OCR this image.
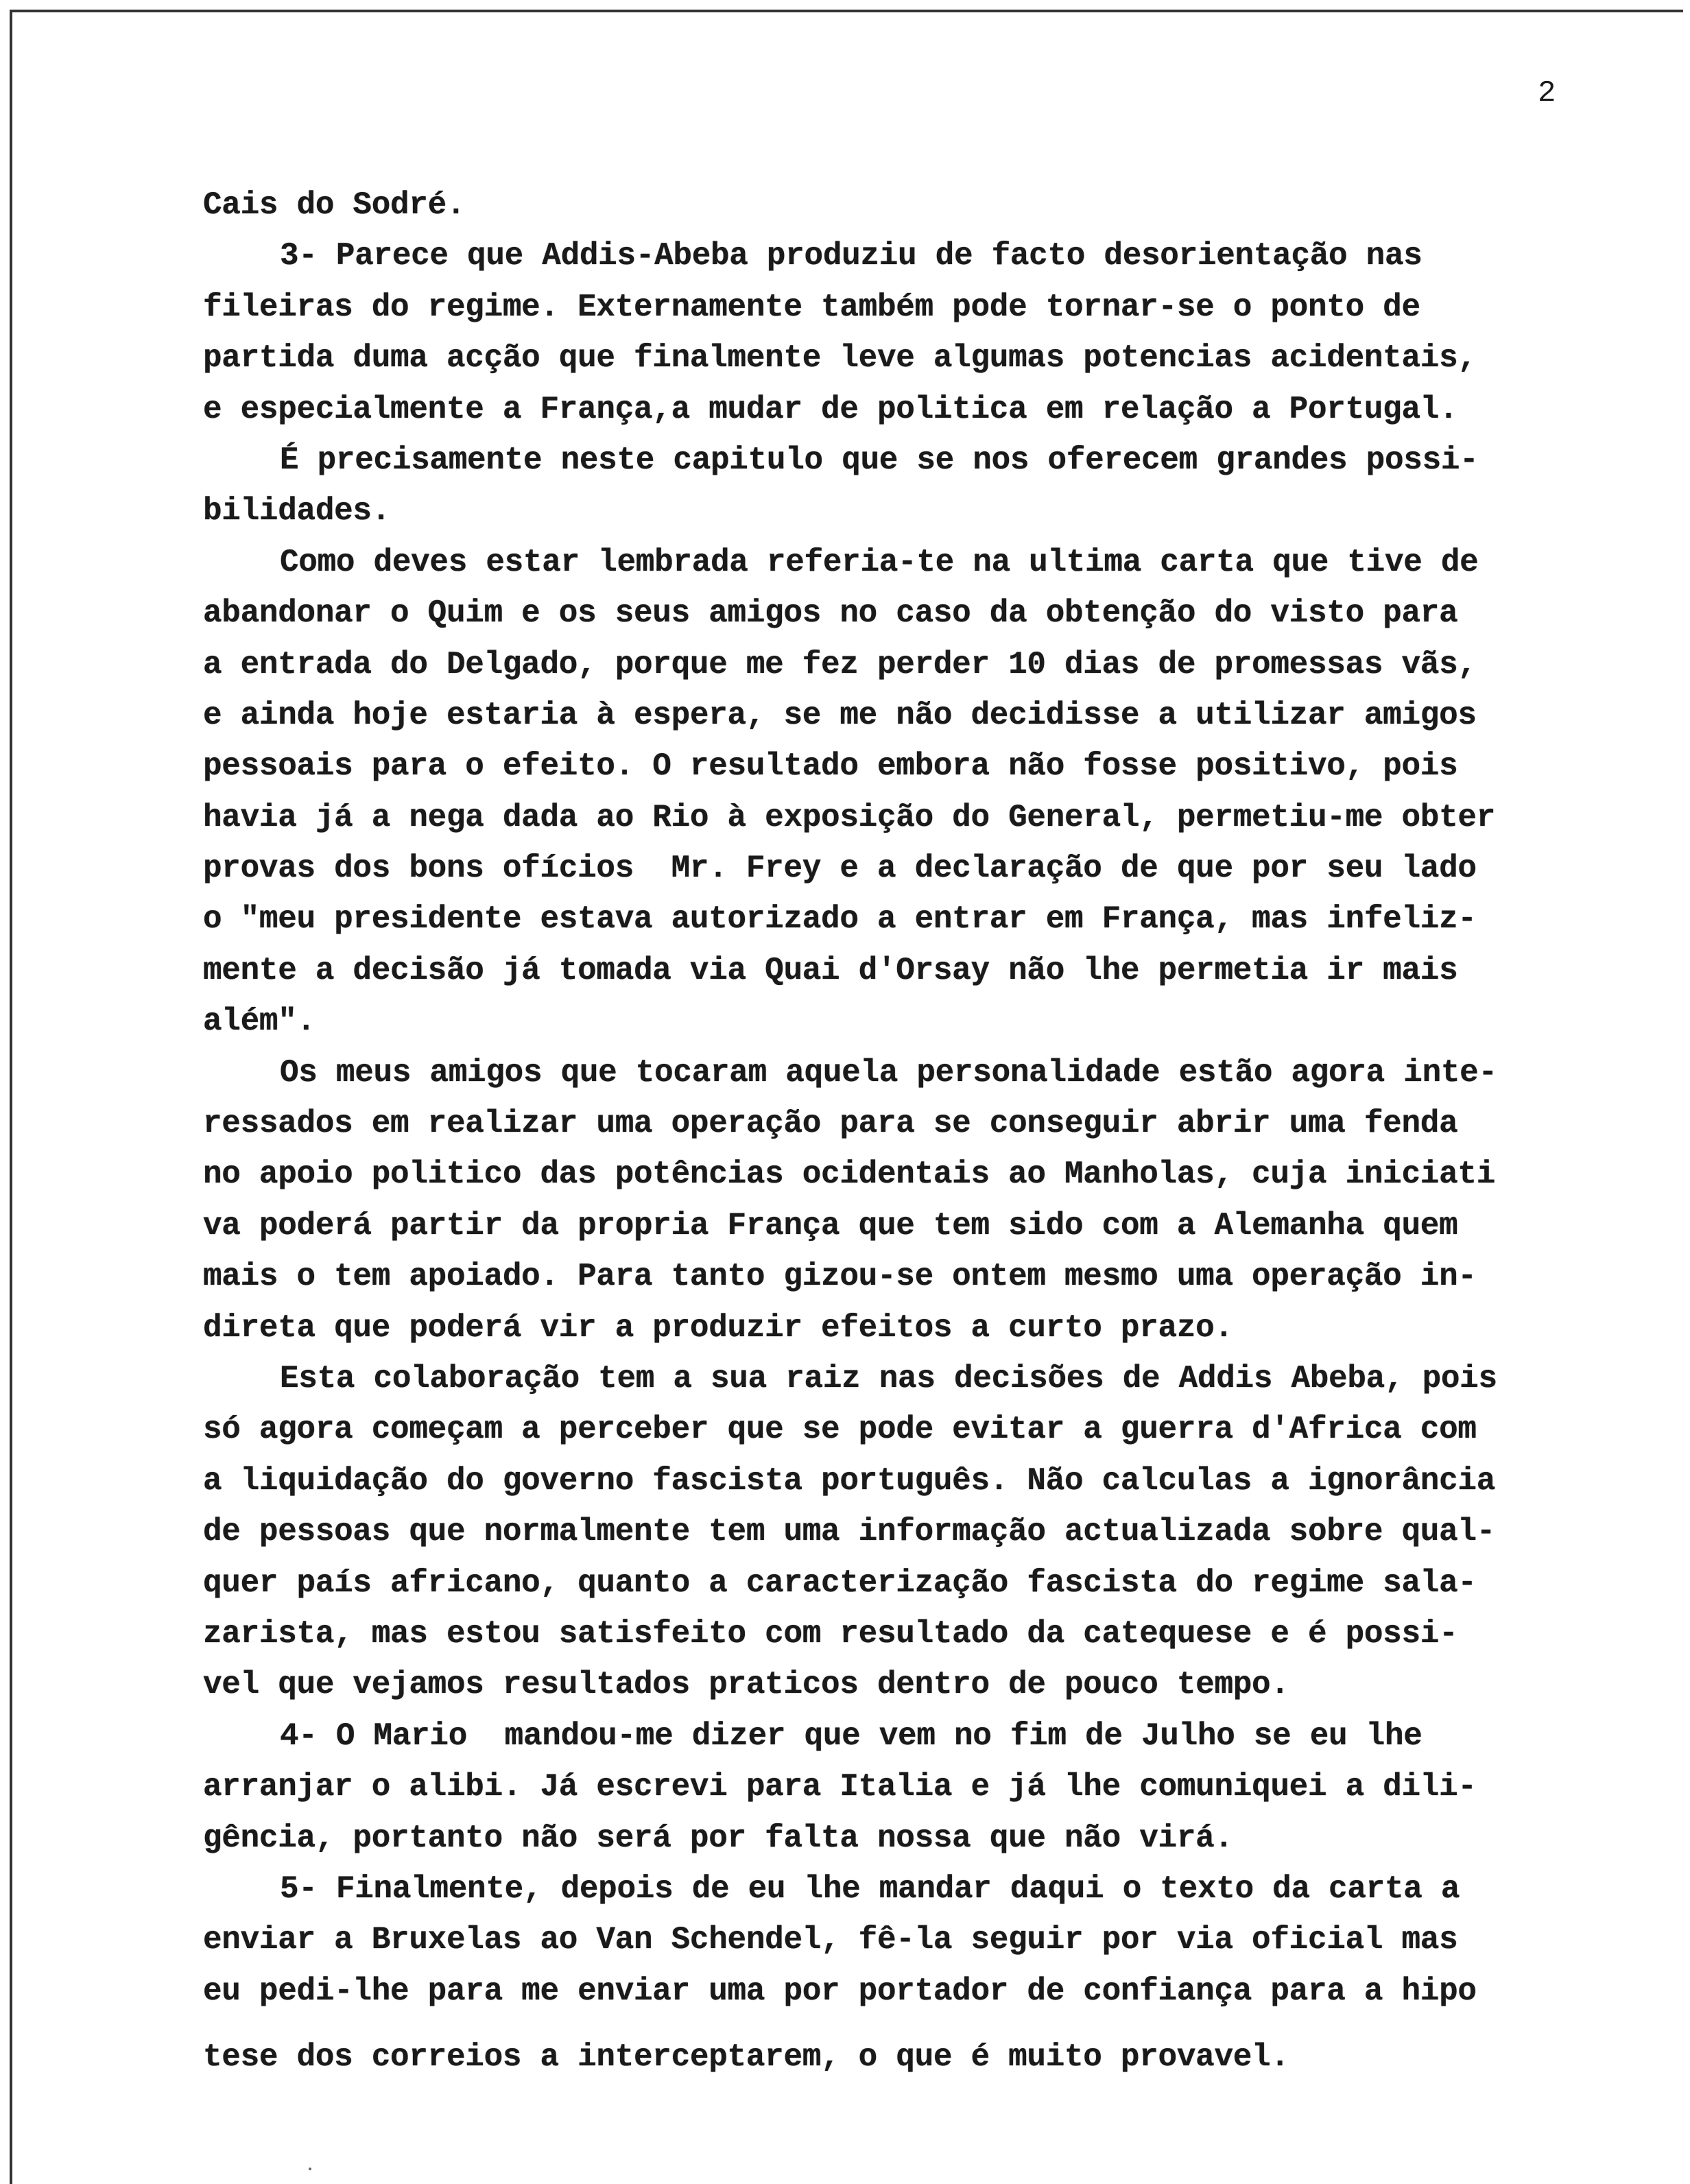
2
Cais do Sodré.
3- Parece que Addis-Abeba produziu de facto desorientação nas
fileiras do regime. Externamente também pode tornar-se o ponto de
partida duma acção que finalmente leve algumas potencias acidentais,
e especialmente a França,a mudar de politica em relação a Portugal.
É precisamente neste capitulo que se nos oferecem grandes possi-
bilidades.
Como deves estar lembrada referia-te na ultima carta que tive de
abandonar o Quim e os seus amigos no caso da obtenção do visto para
a entrada do Delgado, porque me fez perder 10 dias de promessas vãs,
e ainda hoje estaria à espera, se me não decidisse a utilizar amigos
pessoais para o efeito. O resultado embora não fosse positivo, pois
havia já a nega dada ao Rio à exposição do General, permetiu-me obter
provas dos bons ofícios  Mr. Frey e a declaração de que por seu lado
o "meu presidente estava autorizado a entrar em França, mas infeliz-
mente a decisão já tomada via Quai d'Orsay não lhe permetia ir mais
além".
Os meus amigos que tocaram aquela personalidade estão agora inte-
ressados em realizar uma operação para se conseguir abrir uma fenda
no apoio politico das potências ocidentais ao Manholas, cuja iniciati
va poderá partir da propria França que tem sido com a Alemanha quem
mais o tem apoiado. Para tanto gizou-se ontem mesmo uma operação in-
direta que poderá vir a produzir efeitos a curto prazo.
Esta colaboração tem a sua raiz nas decisões de Addis Abeba, pois
só agora começam a perceber que se pode evitar a guerra d'Africa com
a liquidação do governo fascista português. Não calculas a ignorância
de pessoas que normalmente tem uma informação actualizada sobre qual-
quer país africano, quanto a caracterização fascista do regime sala-
zarista, mas estou satisfeito com resultado da catequese e é possi-
vel que vejamos resultados praticos dentro de pouco tempo.
4- O Mario  mandou-me dizer que vem no fim de Julho se eu lhe
arranjar o alibi. Já escrevi para Italia e já lhe comuniquei a dili-
gência, portanto não será por falta nossa que não virá.
5- Finalmente, depois de eu lhe mandar daqui o texto da carta a
enviar a Bruxelas ao Van Schendel, fê-la seguir por via oficial mas
eu pedi-lhe para me enviar uma por portador de confiança para a hipo
tese dos correios a interceptarem, o que é muito provavel.
